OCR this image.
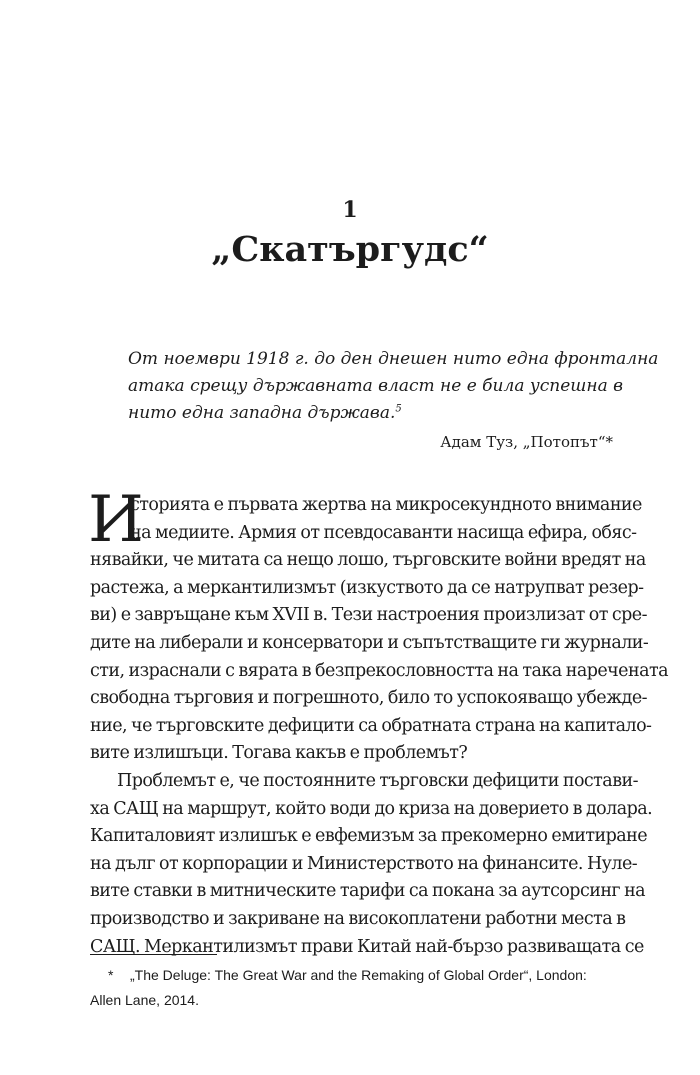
1
„Скатъргудс“
От ноември 1918 г. до ден днешен нито една фронтална
атака срещу държавната власт не е била успешна в
нито една западна държава.$^5$
Адам Туз, „Потопът“*
И
сторията е първата жертва на микросекундното внимание
на медиите. Армия от псевдосаванти насища ефира, обяс-
нявайки, че митата са нещо лошо, търговските войни вредят на
растежа, а меркантилизмът (изкуството да се натрупват резер-
ви) е завръщане към XVII в. Тези настроения произлизат от сре-
дите на либерали и консерватори и съпътстващите ги журнали-
сти, израснали с вярата в безпрекословността на така наречената
свободна търговия и погрешното, било то успокояващо убежде-
ние, че търговските дефицити са обратната страна на капитало-
вите излишъци. Тогава какъв е проблемът?
Проблемът е, че постоянните търговски дефицити постави-
ха САЩ на маршрут, който води до криза на доверието в долара.
Капиталовият излишък е евфемизъм за прекомерно емитиране
на дълг от корпорации и Министерството на финансите. Нуле-
вите ставки в митническите тарифи са покана за аутсорсинг на
производство и закриване на високоплатени работни места в
САЩ. Меркантилизмът прави Китай най-бързо развиващата се
* „The Deluge: The Great War and the Remaking of Global Order“, London:
Allen Lane, 2014.
